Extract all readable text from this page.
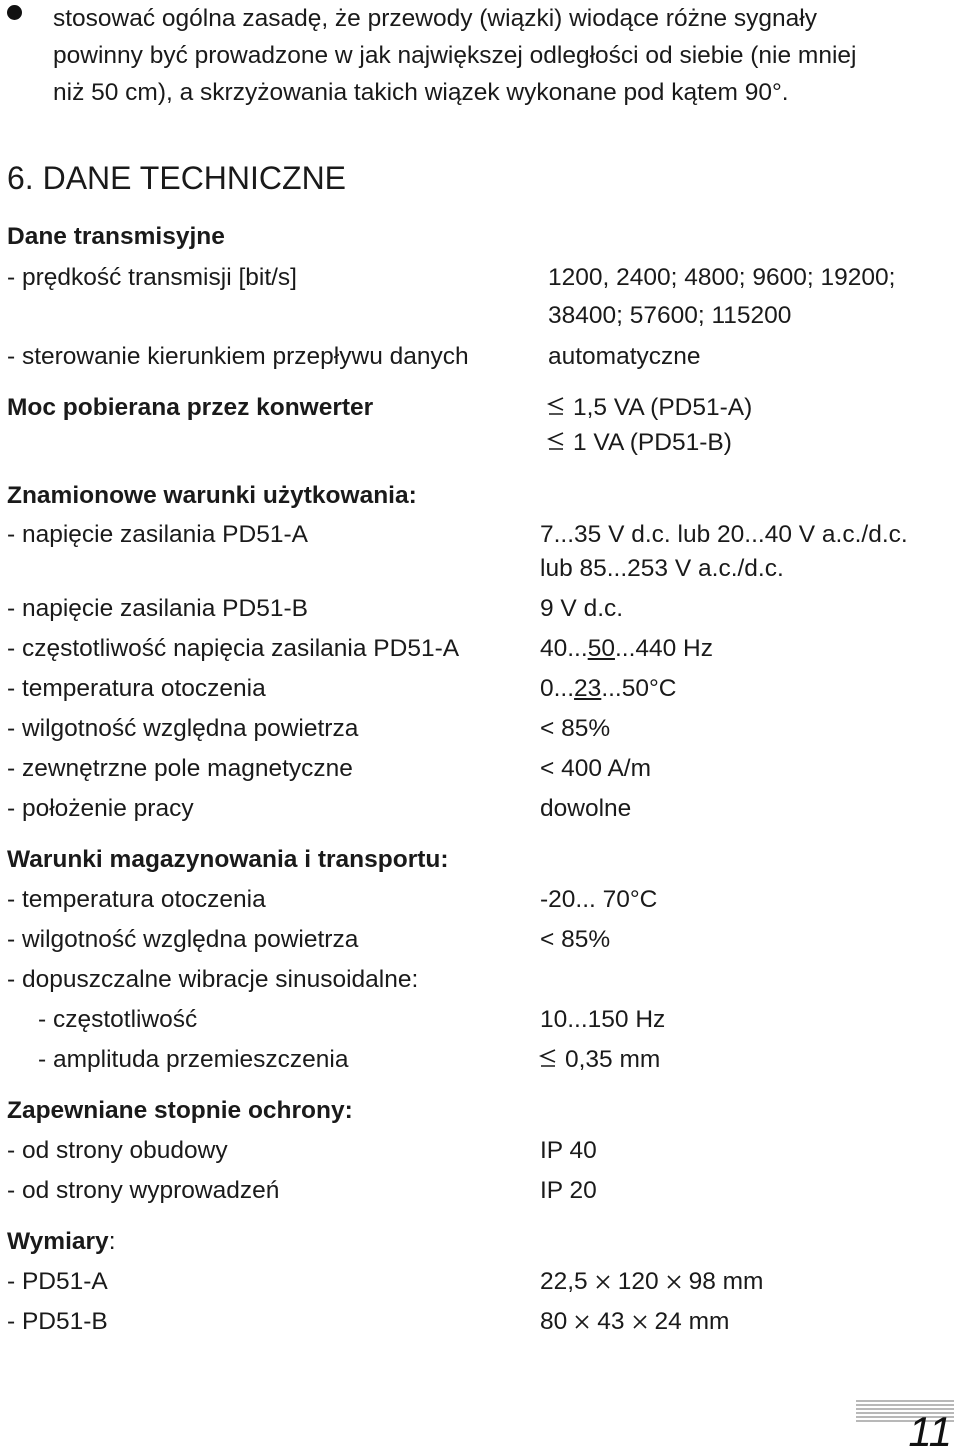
stosować ogólna zasadę, że przewody (wiązki) wiodące różne sygnały
powinny być prowadzone w jak największej odległości od siebie (nie mniej
niż 50 cm), a skrzyżowania takich wiązek wykonane pod kątem 90°.
6. DANE TECHNICZNE
Dane transmisyjne
- prędkość transmisji [bit/s]	1200, 2400; 4800; 9600; 19200;
38400; 57600; 115200
- sterowanie kierunkiem przepływu danych	automatyczne
Moc pobierana przez konwerter	1,5 VA (PD51-A)
1 VA (PD51-B)
Znamionowe warunki użytkowania:
- napięcie zasilania PD51-A	7...35 V d.c. lub 20...40 V a.c./d.c.
lub 85...253 V a.c./d.c.
- napięcie zasilania PD51-B	9 V d.c.
- częstotliwość napięcia zasilania PD51-A	40...50...440 Hz
- temperatura otoczenia	0...23...50°C
- wilgotność względna powietrza	< 85%
- zewnętrzne pole magnetyczne	< 400 A/m
- położenie pracy	dowolne
Warunki magazynowania i transportu:
- temperatura otoczenia	-20... 70°C
- wilgotność względna powietrza	< 85%
- dopuszczalne wibracje sinusoidalne:
- częstotliwość	10...150 Hz
- amplituda przemieszczenia	0,35 mm
Zapewniane stopnie ochrony:
- od strony obudowy	IP 40
- od strony wyprowadzeń	IP 20
Wymiary:
- PD51-A	22,5 120 98 mm
- PD51-B	80 43 24 mm
11
